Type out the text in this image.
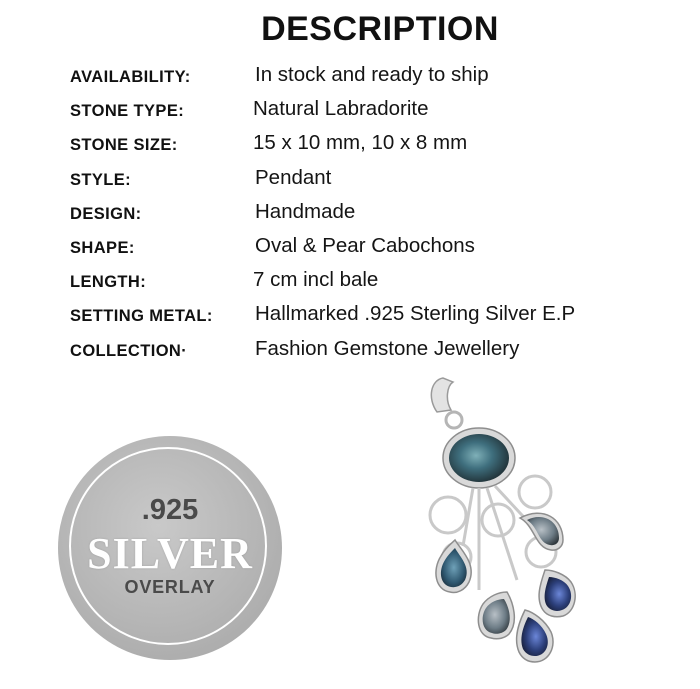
DESCRIPTION
AVAILABILITY:	In stock and ready to ship
STONE TYPE:	Natural Labradorite
STONE SIZE:	15 x 10 mm, 10 x 8 mm
STYLE:	Pendant
DESIGN:	Handmade
SHAPE:	Oval & Pear Cabochons
LENGTH:	7 cm incl bale
SETTING METAL: Hallmarked .925 Sterling Silver E.P
COLLECTION·	Fashion Gemstone Jewellery
.925
SILVER
OVERLAY
